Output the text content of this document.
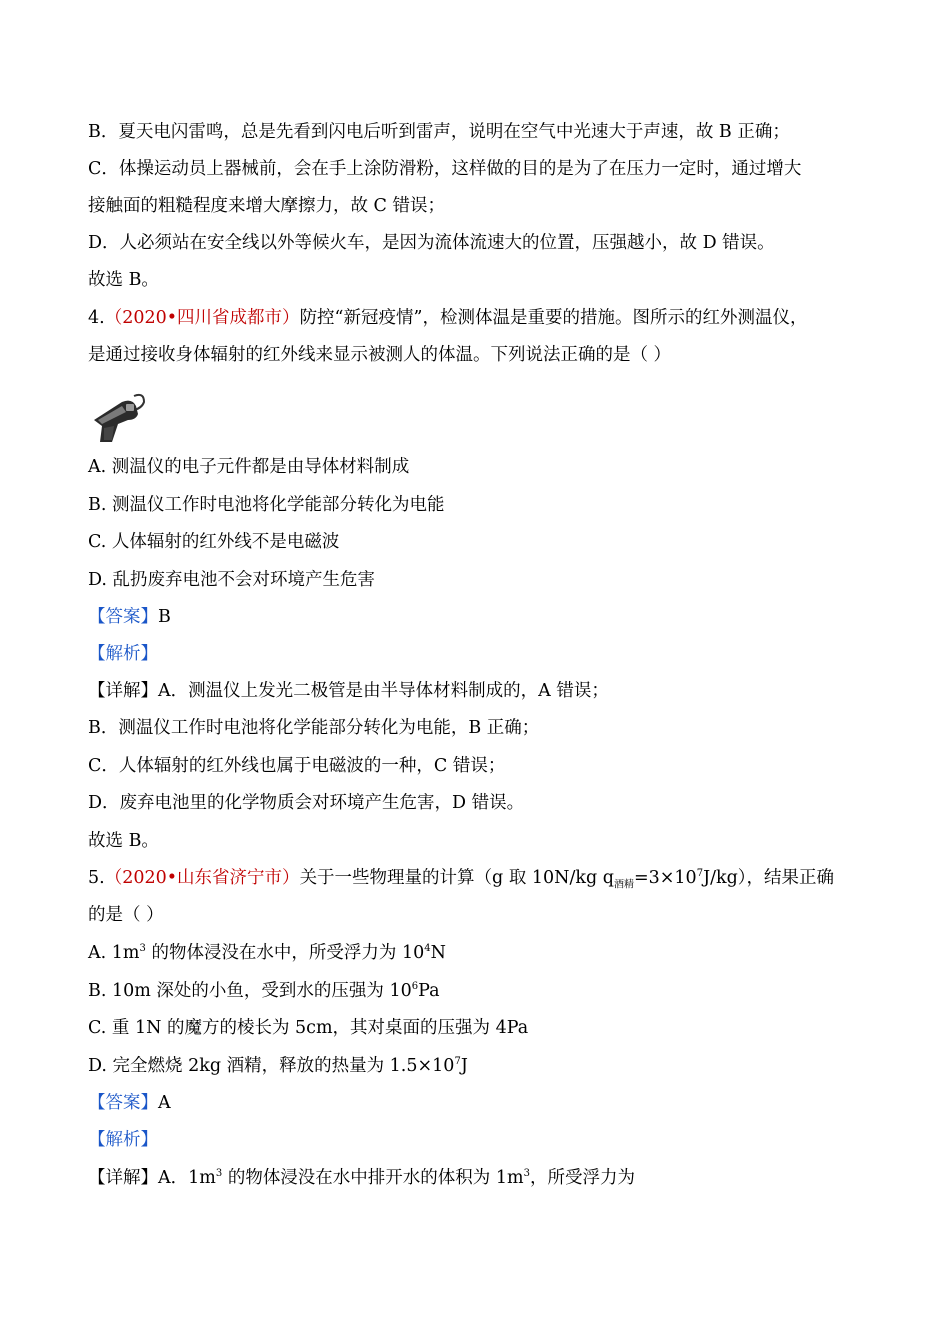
B．夏天电闪雷鸣，总是先看到闪电后听到雷声，说明在空气中光速大于声速，故 B 正确；
C．体操运动员上器械前，会在手上涂防滑粉，这样做的目的是为了在压力一定时，通过增大
接触面的粗糙程度来增大摩擦力，故 C 错误；
D．人必须站在安全线以外等候火车，是因为流体流速大的位置，压强越小，故 D 错误。
故选 B。
4.（2020•四川省成都市）防控“新冠疫情”，检测体温是重要的措施。图所示的红外测温仪，
是通过接收身体辐射的红外线来显示被测人的体温。下列说法正确的是（ ）
A. 测温仪的电子元件都是由导体材料制成
B. 测温仪工作时电池将化学能部分转化为电能
C. 人体辐射的红外线不是电磁波
D. 乱扔废弃电池不会对环境产生危害
【答案】B
【解析】
【详解】A．测温仪上发光二极管是由半导体材料制成的，A 错误；
B．测温仪工作时电池将化学能部分转化为电能，B 正确；
C．人体辐射的红外线也属于电磁波的一种，C 错误；
D．废弃电池里的化学物质会对环境产生危害，D 错误。
故选 B。
5.（2020•山东省济宁市）关于一些物理量的计算（g 取 10N/kg $q_{酒精}=3\times 10^7J/kg$），结果正确
的是（ ）
A. $1m^3$ 的物体浸没在水中，所受浮力为 $10^4N$
B. 10m 深处的小鱼，受到水的压强为 $10^6Pa$
C. 重 1N 的魔方的棱长为 5cm，其对桌面的压强为 4Pa
D. 完全燃烧 2kg 酒精，释放的热量为 $1.5\times 10^7J$
【答案】A
【解析】
【详解】A．$1m^3$ 的物体浸没在水中排开水的体积为 $1m^3$，所受浮力为
